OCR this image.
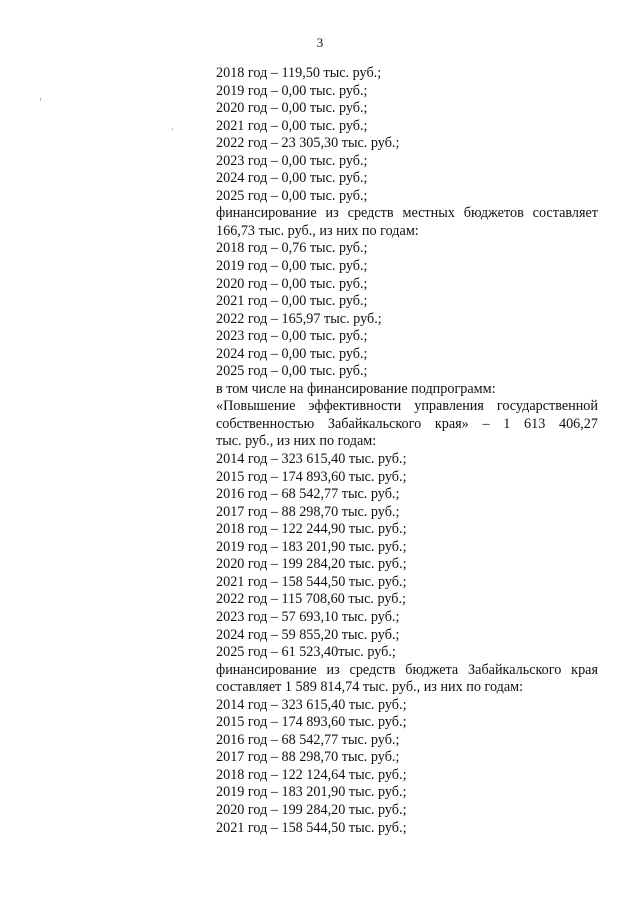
3
2018 год – 119,50 тыс. руб.;
2019 год – 0,00 тыс. руб.;
2020 год – 0,00 тыс. руб.;
2021 год – 0,00 тыс. руб.;
2022 год – 23 305,30 тыс. руб.;
2023 год – 0,00 тыс. руб.;
2024 год – 0,00 тыс. руб.;
2025 год – 0,00 тыс. руб.;
финансирование из средств местных бюджетов составляет
166,73 тыс. руб., из них по годам:
2018 год – 0,76 тыс. руб.;
2019 год – 0,00 тыс. руб.;
2020 год – 0,00 тыс. руб.;
2021 год – 0,00 тыс. руб.;
2022 год – 165,97 тыс. руб.;
2023 год – 0,00 тыс. руб.;
2024 год – 0,00 тыс. руб.;
2025 год – 0,00 тыс. руб.;
в том числе на финансирование подпрограмм:
«Повышение эффективности управления государственной
собственностью Забайкальского края» – 1 613 406,27
тыс. руб., из них по годам:
2014 год – 323 615,40 тыс. руб.;
2015 год – 174 893,60 тыс. руб.;
2016 год – 68 542,77 тыс. руб.;
2017 год – 88 298,70 тыс. руб.;
2018 год – 122 244,90 тыс. руб.;
2019 год – 183 201,90 тыс. руб.;
2020 год – 199 284,20 тыс. руб.;
2021 год – 158 544,50 тыс. руб.;
2022 год – 115 708,60 тыс. руб.;
2023 год – 57 693,10 тыс. руб.;
2024 год – 59 855,20 тыс. руб.;
2025 год – 61 523,40тыс. руб.;
финансирование из средств бюджета Забайкальского края
составляет 1 589 814,74 тыс. руб., из них по годам:
2014 год – 323 615,40 тыс. руб.;
2015 год – 174 893,60 тыс. руб.;
2016 год – 68 542,77 тыс. руб.;
2017 год – 88 298,70 тыс. руб.;
2018 год – 122 124,64 тыс. руб.;
2019 год – 183 201,90 тыс. руб.;
2020 год – 199 284,20 тыс. руб.;
2021 год – 158 544,50 тыс. руб.;
